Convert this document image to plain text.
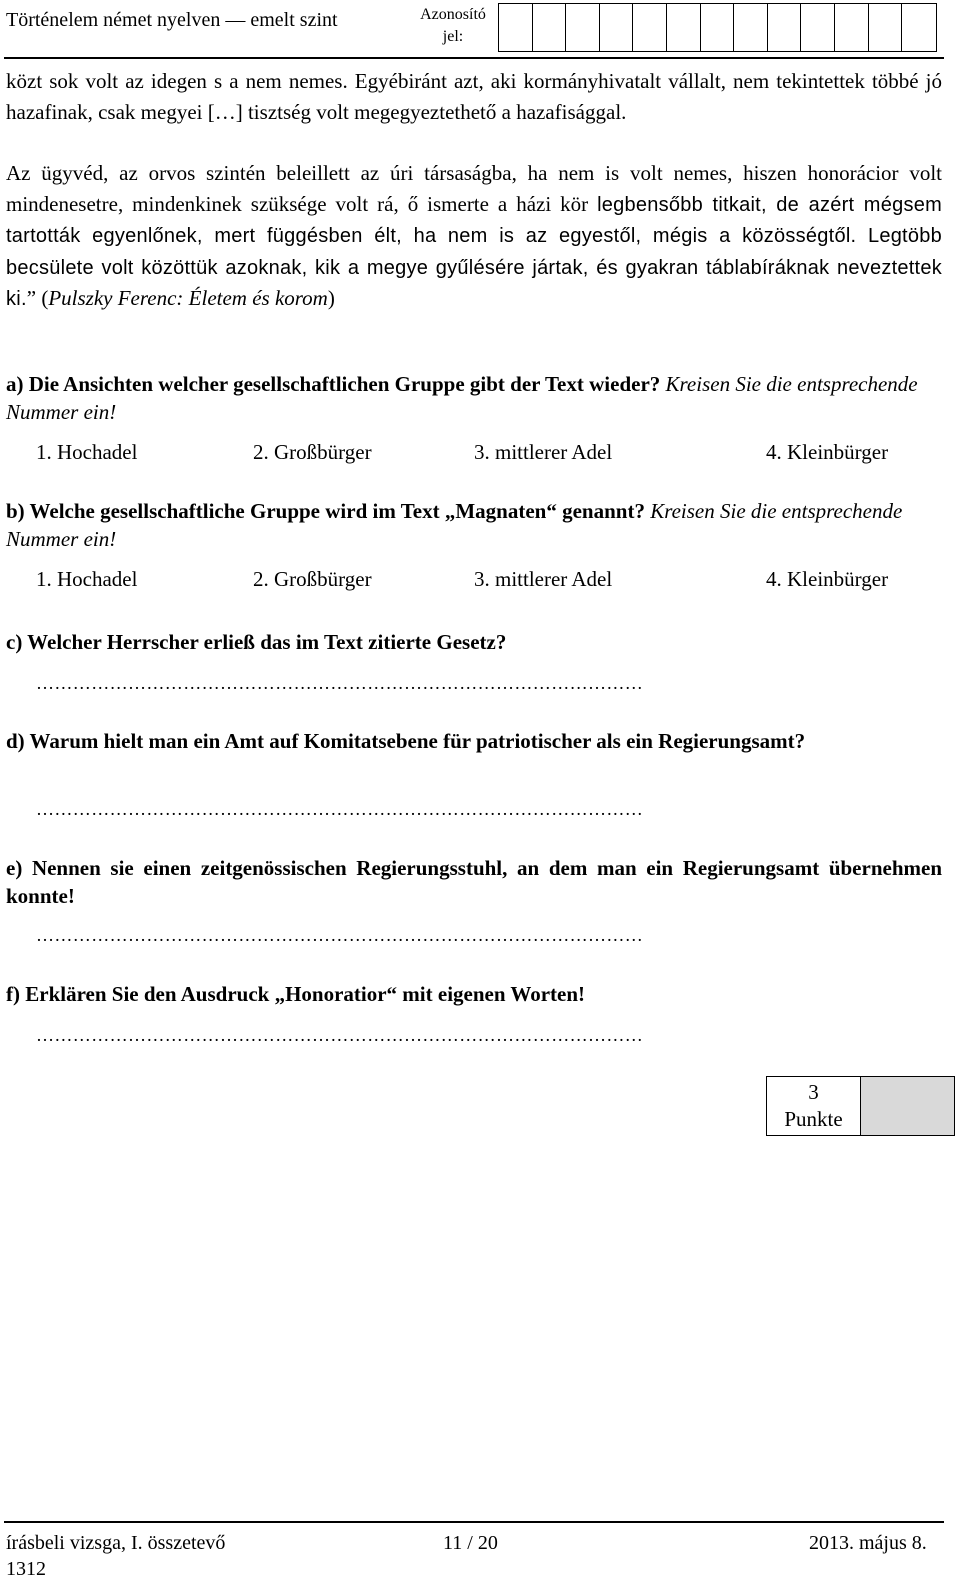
Történelem német nyelven — emelt szint	Azonosító jel:
közt sok volt az idegen s a nem nemes. Egyébiránt azt, aki kormányhivatalt vállalt, nem tekintettek többé jó hazafinak, csak megyei […] tisztség volt megegyeztethető a hazafisággal.
Az ügyvéd, az orvos szintén beleillett az úri társaságba, ha nem is volt nemes, hiszen honorácior volt mindenesetre, mindenkinek szüksége volt rá, ő ismerte a házi kör legbensőbb titkait, de azért mégsem tartották egyenlőnek, mert függésben élt, ha nem is az egyestől, mégis a közösségtől. Legtöbb becsülete volt közöttük azoknak, kik a megye gyűlésére jártak, és gyakran táblabíráknak neveztettek ki.” (Pulszky Ferenc: Életem és korom)
a) Die Ansichten welcher gesellschaftlichen Gruppe gibt der Text wieder? Kreisen Sie die entsprechende Nummer ein!
1. Hochadel	2. Großbürger	3. mittlerer Adel	4. Kleinbürger
b) Welche gesellschaftliche Gruppe wird im Text „Magnaten“ genannt? Kreisen Sie die entsprechende Nummer ein!
1. Hochadel	2. Großbürger	3. mittlerer Adel	4. Kleinbürger
c) Welcher Herrscher erließ das im Text zitierte Gesetz?
………………………………………………………………………………………
d) Warum hielt man ein Amt auf Komitatsebene für patriotischer als ein Regierungsamt?
………………………………………………………………………………………
e) Nennen sie einen zeitgenössischen Regierungsstuhl, an dem man ein Regierungsamt übernehmen konnte!
………………………………………………………………………………………
f) Erklären Sie den Ausdruck „Honoratior“ mit eigenen Worten!
………………………………………………………………………………………
3
Punkte
írásbeli vizsga, I. összetevő	11 / 20	2013. május 8.
1312
